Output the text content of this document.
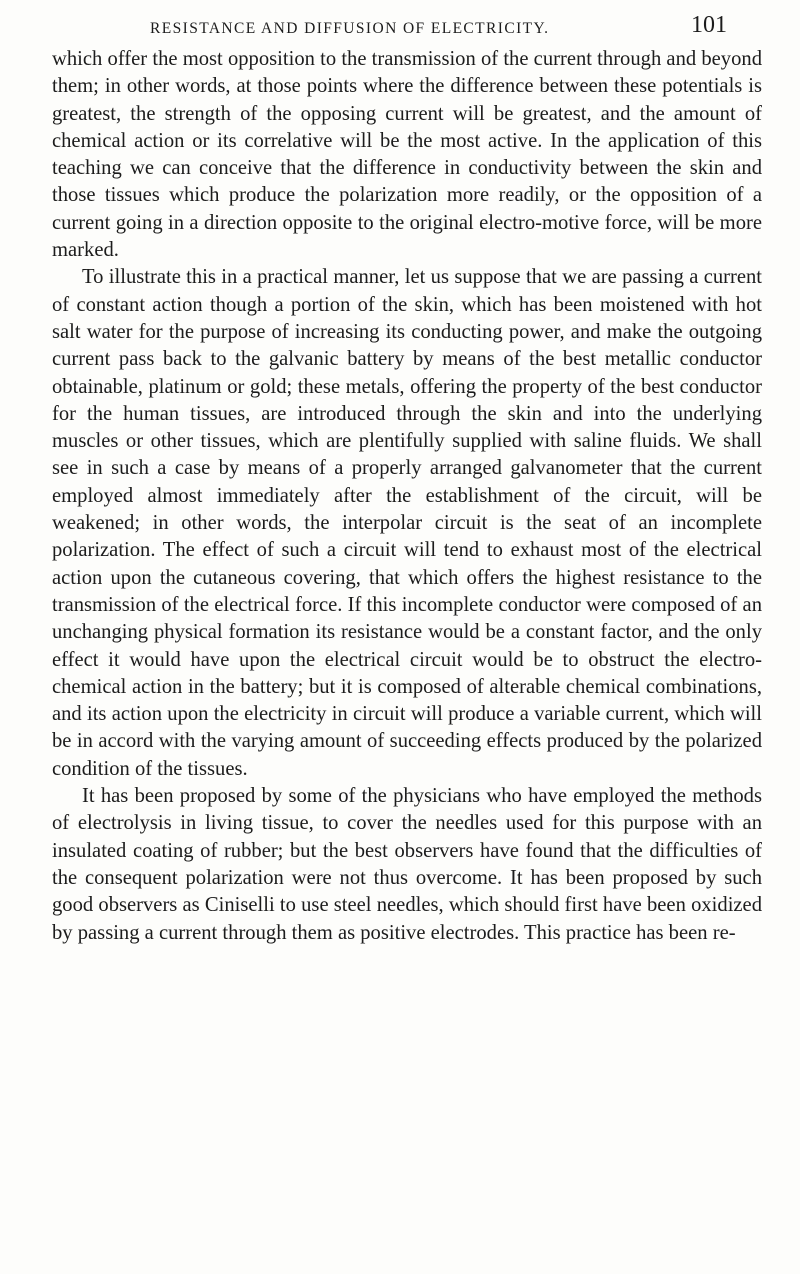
RESISTANCE AND DIFFUSION OF ELECTRICITY.	101

which offer the most opposition to the transmission of the current through and beyond them; in other words, at those points where the difference between these potentials is greatest, the strength of the opposing current will be greatest, and the amount of chemical action or its correlative will be the most active. In the application of this teaching we can conceive that the difference in conductivity between the skin and those tissues which produce the polarization more readily, or the opposition of a current going in a direction opposite to the original electro-motive force, will be more marked.

To illustrate this in a practical manner, let us suppose that we are passing a current of constant action though a portion of the skin, which has been moistened with hot salt water for the purpose of increasing its conducting power, and make the outgoing current pass back to the galvanic battery by means of the best metallic conductor obtainable, platinum or gold; these metals, offering the property of the best conductor for the human tissues, are introduced through the skin and into the underlying muscles or other tissues, which are plentifully supplied with saline fluids. We shall see in such a case by means of a properly arranged galvanometer that the current employed almost immediately after the establishment of the circuit, will be weakened; in other words, the interpolar circuit is the seat of an incomplete polarization. The effect of such a circuit will tend to exhaust most of the electrical action upon the cutaneous covering, that which offers the highest resistance to the transmission of the electrical force. If this incomplete conductor were composed of an unchanging physical formation its resistance would be a constant factor, and the only effect it would have upon the electrical circuit would be to obstruct the electro-chemical action in the battery; but it is composed of alterable chemical combinations, and its action upon the electricity in circuit will produce a variable current, which will be in accord with the varying amount of succeeding effects produced by the polarized condition of the tissues.

It has been proposed by some of the physicians who have employed the methods of electrolysis in living tissue, to cover the needles used for this purpose with an insulated coating of rubber; but the best observers have found that the difficulties of the consequent polarization were not thus overcome. It has been proposed by such good observers as Ciniselli to use steel needles, which should first have been oxidized by passing a current through them as positive electrodes. This practice has been re-
